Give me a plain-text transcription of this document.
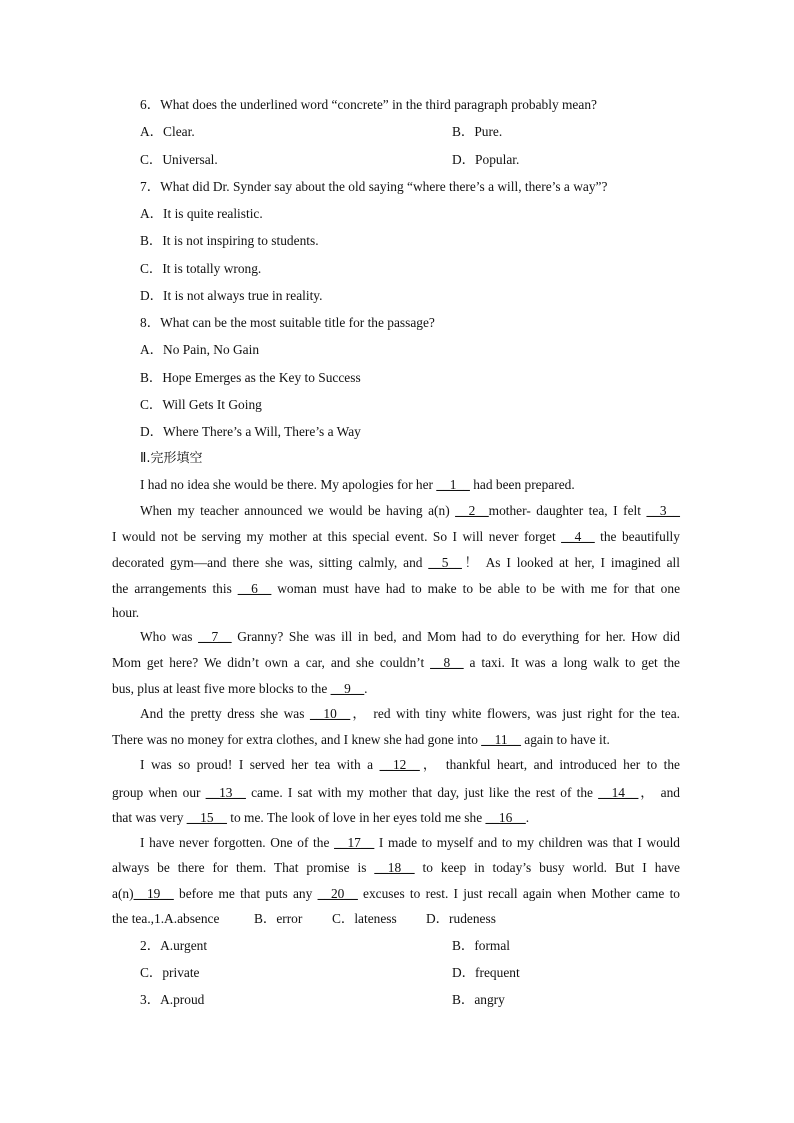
6．What does the underlined word “concrete” in the third paragraph probably mean?
A．Clear.	B．Pure.
C．Universal.	D．Popular.
7．What did Dr. Synder say about the old saying “where there’s a will, there’s a way”?
A．It is quite realistic.
B．It is not inspiring to students.
C．It is totally wrong.
D．It is not always true in reality.
8．What can be the most suitable title for the passage?
A．No Pain, No Gain
B．Hope Emerges as the Key to Success
C．Will Gets It Going
D．Where There’s a Will, There’s a Way
Ⅱ.完形填空
I had no idea she would be there. My apologies for her __1__ had been prepared.
When my teacher announced we would be having a(n) __2__mother- daughter tea, I felt __3__
I would not be serving my mother at this special event. So I will never forget __4__ the beautifully
decorated gym—and there she was, sitting calmly, and __5__！ As I looked at her, I imagined all
the arrangements this __6__ woman must have had to make to be able to be with me for that one
hour.
Who was __7__ Granny? She was ill in bed, and Mom had to do everything for her. How did
Mom get here? We didn’t own a car, and she couldn’t __8__ a taxi. It was a long walk to get the
bus, plus at least five more blocks to the __9__.
And the pretty dress she was __10__， red with tiny white flowers, was just right for the tea.
There was no money for extra clothes, and I knew she had gone into __11__ again to have it.
I was so proud! I served her tea with a __12__， thankful heart, and introduced her to the
group when our __13__ came. I sat with my mother that day, just like the rest of the __14__， and
that was very __15__ to me. The look of love in her eyes told me she __16__.
I have never forgotten. One of the __17__ I made to myself and to my children was that I would
always be there for them. That promise is __18__ to keep in today’s busy world. But I have
a(n)__19__ before me that puts any __20__ excuses to rest. I just recall again when Mother came to
the tea.,1.A.absence	B．error C．lateness D．rudeness
2．A.urgent	B．formal
C．private	D．frequent
3．A.proud	B．angry
